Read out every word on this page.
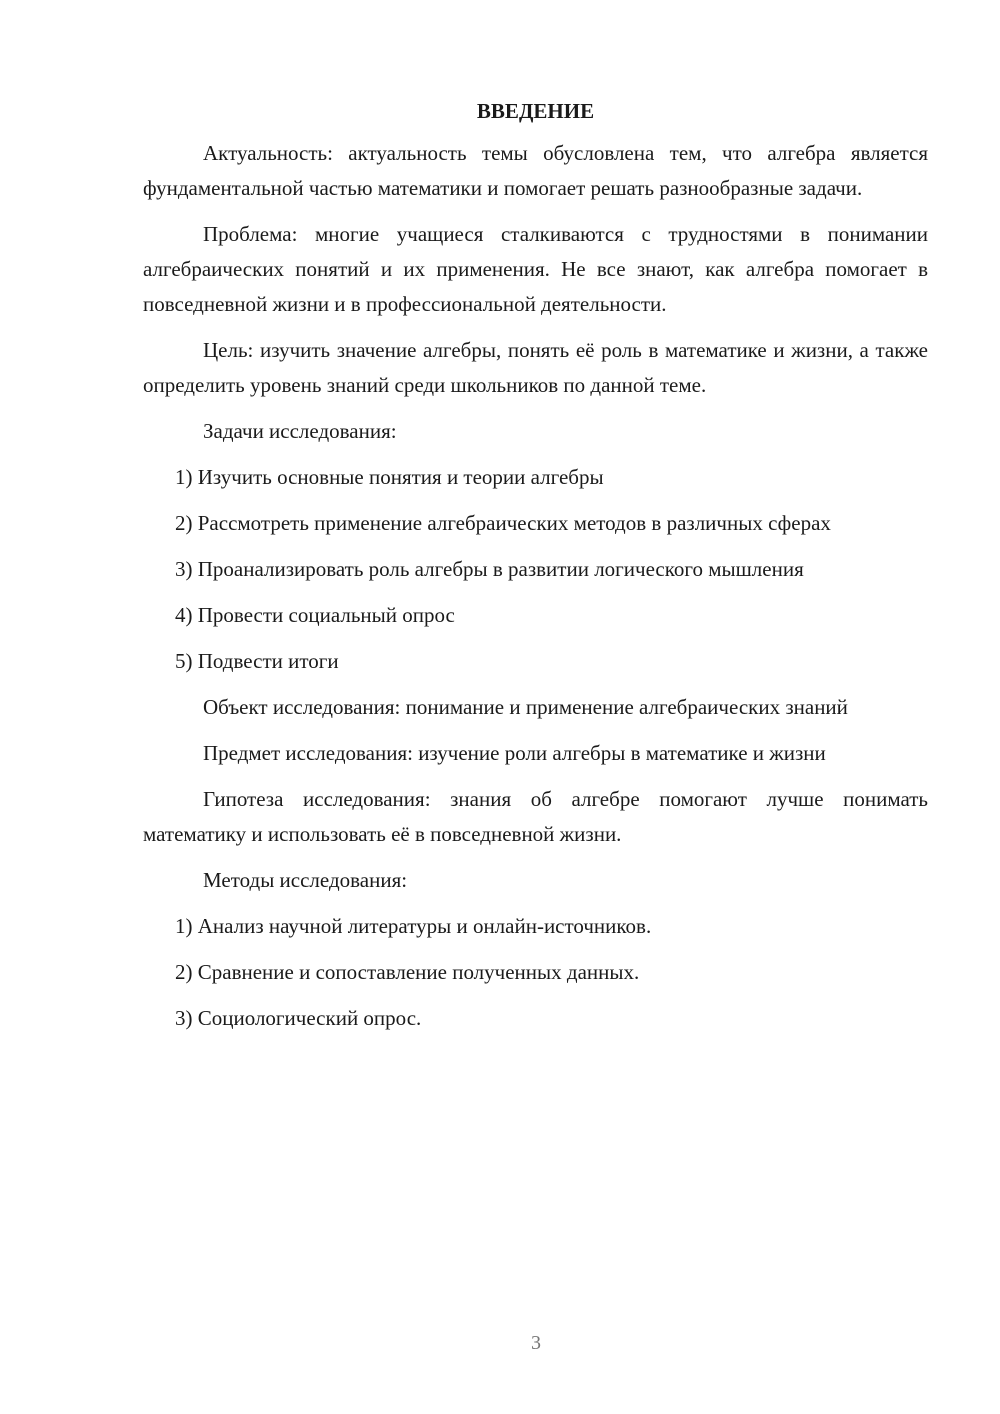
ВВЕДЕНИЕ

Актуальность: актуальность темы обусловлена тем, что алгебра является фундаментальной частью математики и помогает решать разнообразные задачи.

Проблема: многие учащиеся сталкиваются с трудностями в понимании алгебраических понятий и их применения. Не все знают, как алгебра помогает в повседневной жизни и в профессиональной деятельности.

Цель: изучить значение алгебры, понять её роль в математике и жизни, а также определить уровень знаний среди школьников по данной теме.

Задачи исследования:

1) Изучить основные понятия и теории алгебры

2) Рассмотреть применение алгебраических методов в различных сферах

3) Проанализировать роль алгебры в развитии логического мышления

4) Провести социальный опрос

5) Подвести итоги

Объект исследования: понимание и применение алгебраических знаний

Предмет исследования: изучение роли алгебры в математике и жизни

Гипотеза исследования: знания об алгебре помогают лучше понимать математику и использовать её в повседневной жизни.

Методы исследования:

1) Анализ научной литературы и онлайн-источников.

2) Сравнение и сопоставление полученных данных.

3) Социологический опрос.

3
